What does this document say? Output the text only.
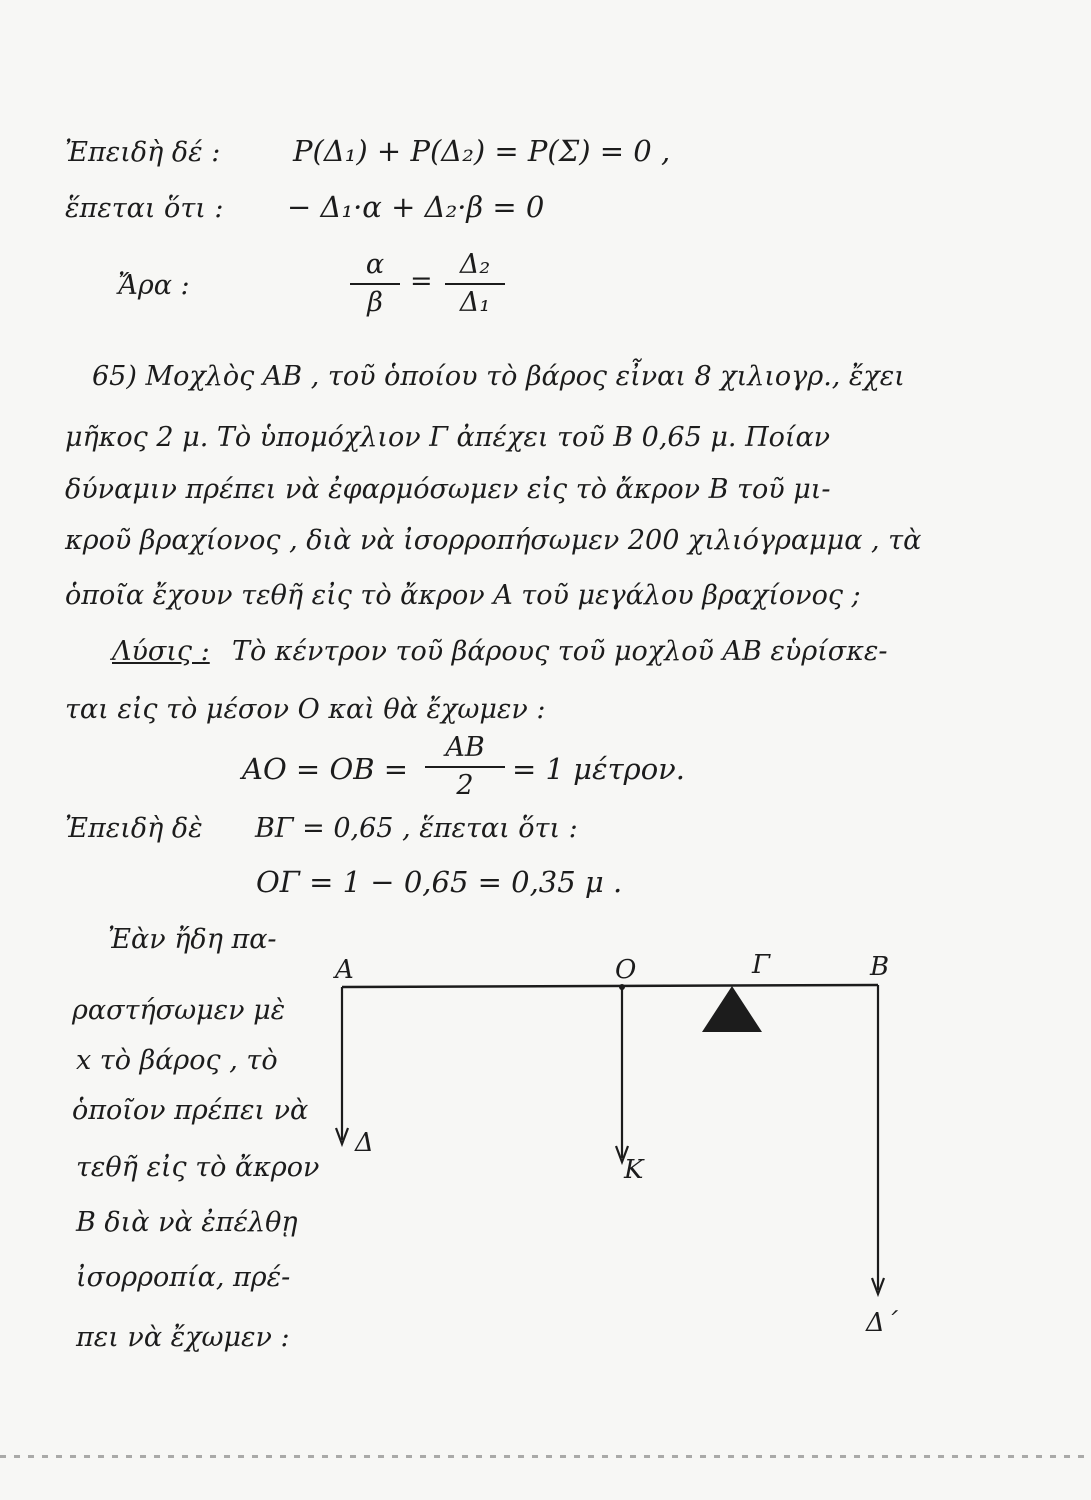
Ἐπειδὴ δέ :	P(Δ₁) + P(Δ₂) = P(Σ) = 0 ,
ἕπεται ὅτι : − Δ₁·α + Δ₂·β = 0
Ἄρα :
α
β
=
Δ₂
Δ₁
65) Μοχλὸς ΑΒ , τοῦ ὁποίου τὸ βάρος εἶναι 8 χιλιογρ., ἔχει
μῆκος 2 μ. Τὸ ὑπομόχλιον Γ ἀπέχει τοῦ Β 0,65 μ. Ποίαν
δύναμιν πρέπει νὰ ἐφαρμόσωμεν εἰς τὸ ἄκρον Β τοῦ μι-
κροῦ βραχίονος , διὰ νὰ ἰσορροπήσωμεν 200 χιλιόγραμμα , τὰ
ὁποῖα ἔχουν τεθῆ εἰς τὸ ἄκρον Α τοῦ μεγάλου βραχίονος ;
Λύσις : Τὸ κέντρον τοῦ βάρους τοῦ μοχλοῦ ΑΒ εὑρίσκε-
ται εἰς τὸ μέσον Ο καὶ θὰ ἔχωμεν :
ΑΟ = ΟΒ =
ΑΒ
2	= 1 μέτρον.
Ἐπειδὴ δὲ ΒΓ = 0,65 , ἕπεται ὅτι :
ΟΓ = 1 − 0,65 = 0,35 μ .
Ἐὰν ἤδη πα-
ραστήσωμεν μὲ
x τὸ βάρος , τὸ
ὁποῖον πρέπει νὰ
τεθῆ εἰς τὸ ἄκρον
Β διὰ νὰ ἐπέλθῃ
ἰσορροπία, πρέ-
πει νὰ ἔχωμεν :
Α	Ο	Γ	Β
Δ
Κ
Δ΄
